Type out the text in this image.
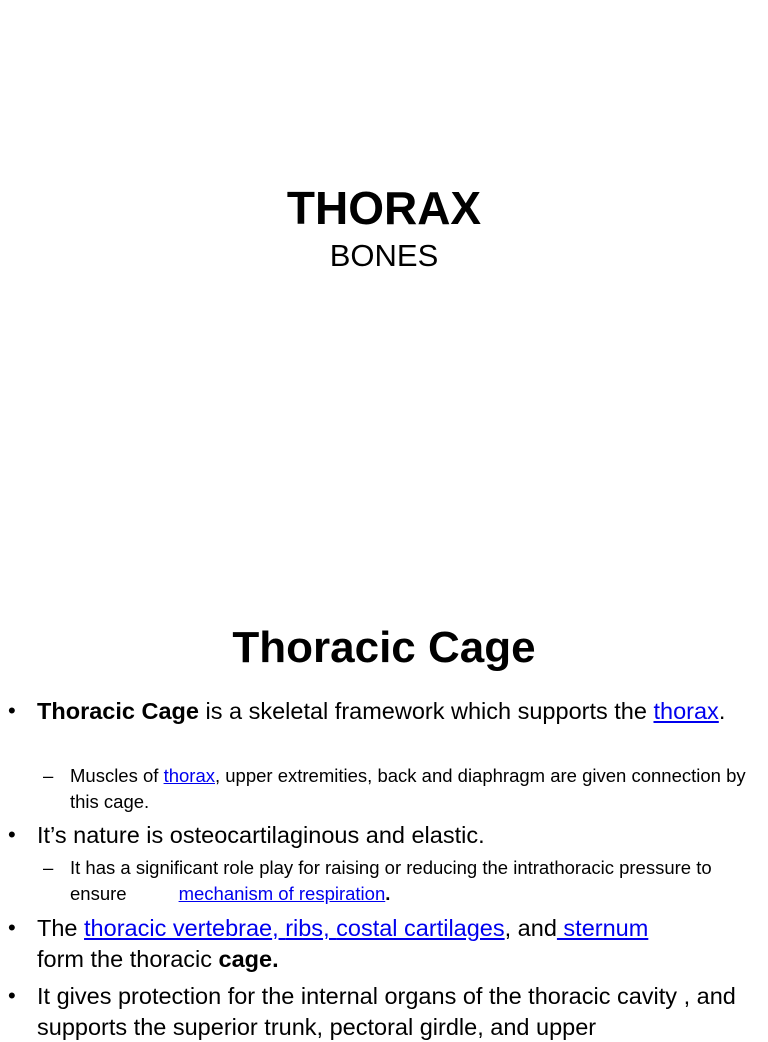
THORAX
BONES
Thoracic Cage
• Thoracic Cage is a skeletal framework which supports the thorax.
– Muscles of thorax, upper extremities, back and diaphragm are given connection by this cage.
• It’s nature is osteocartilaginous and elastic.
– It has a significant role play for raising or reducing the intrathoracic pressure to ensure	mechanism of respiration.
• The thoracic vertebrae, ribs, costal cartilages, and sternum
form the thoracic cage.
• It gives protection for the internal organs of the thoracic cavity , and supports the superior trunk, pectoral girdle, and upper
